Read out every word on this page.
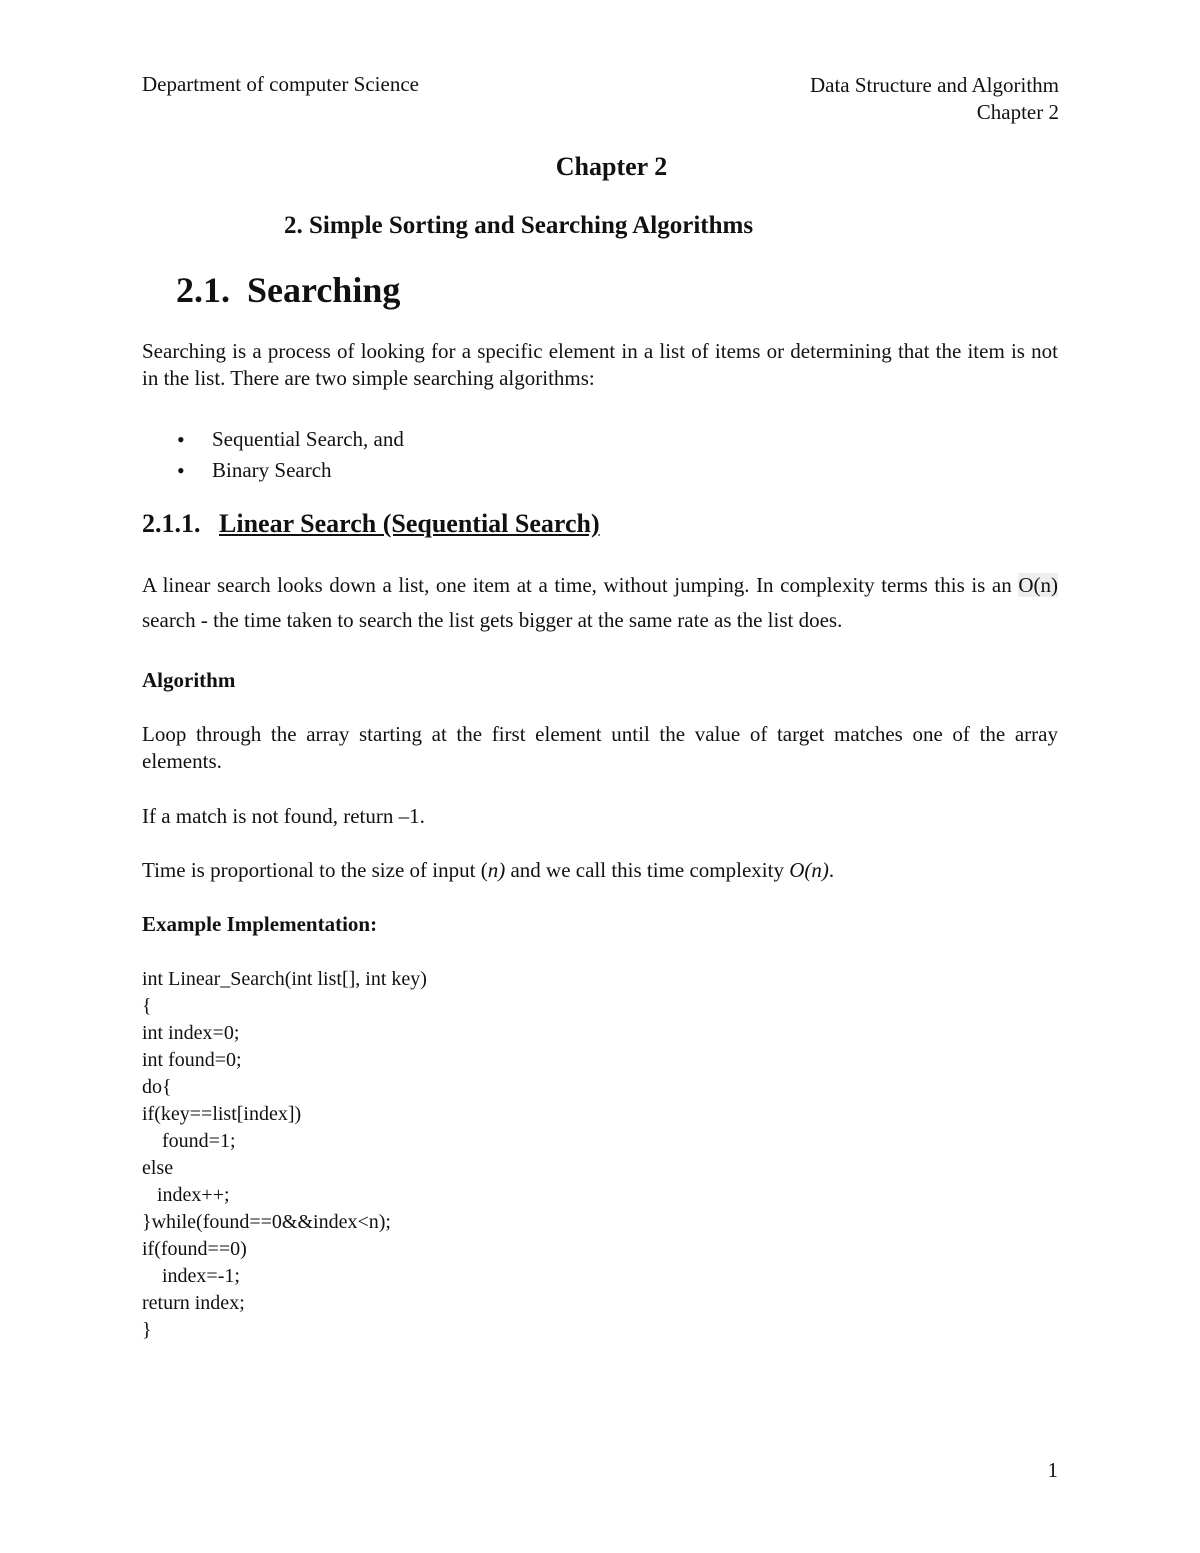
Department of computer Science	Data Structure and Algorithm
Chapter 2
Chapter 2
2. Simple Sorting and Searching Algorithms
2.1. Searching

Searching is a process of looking for a specific element in a list of items or determining that the item is not in the list. There are two simple searching algorithms:

• Sequential Search, and
• Binary Search
2.1.1. Linear Search (Sequential Search)

A linear search looks down a list, one item at a time, without jumping. In complexity terms this is an O(n) search - the time taken to search the list gets bigger at the same rate as the list does.

Algorithm

Loop through the array starting at the first element until the value of target matches one of the array elements.

If a match is not found, return –1.

Time is proportional to the size of input (n) and we call this time complexity O(n).

Example Implementation:
int Linear_Search(int list[], int key)
{
int index=0;
int found=0;
do{
if(key==list[index])
found=1;
else
index++;
}while(found==0&&index<n);
if(found==0)
index=-1;
return index;
}
1
